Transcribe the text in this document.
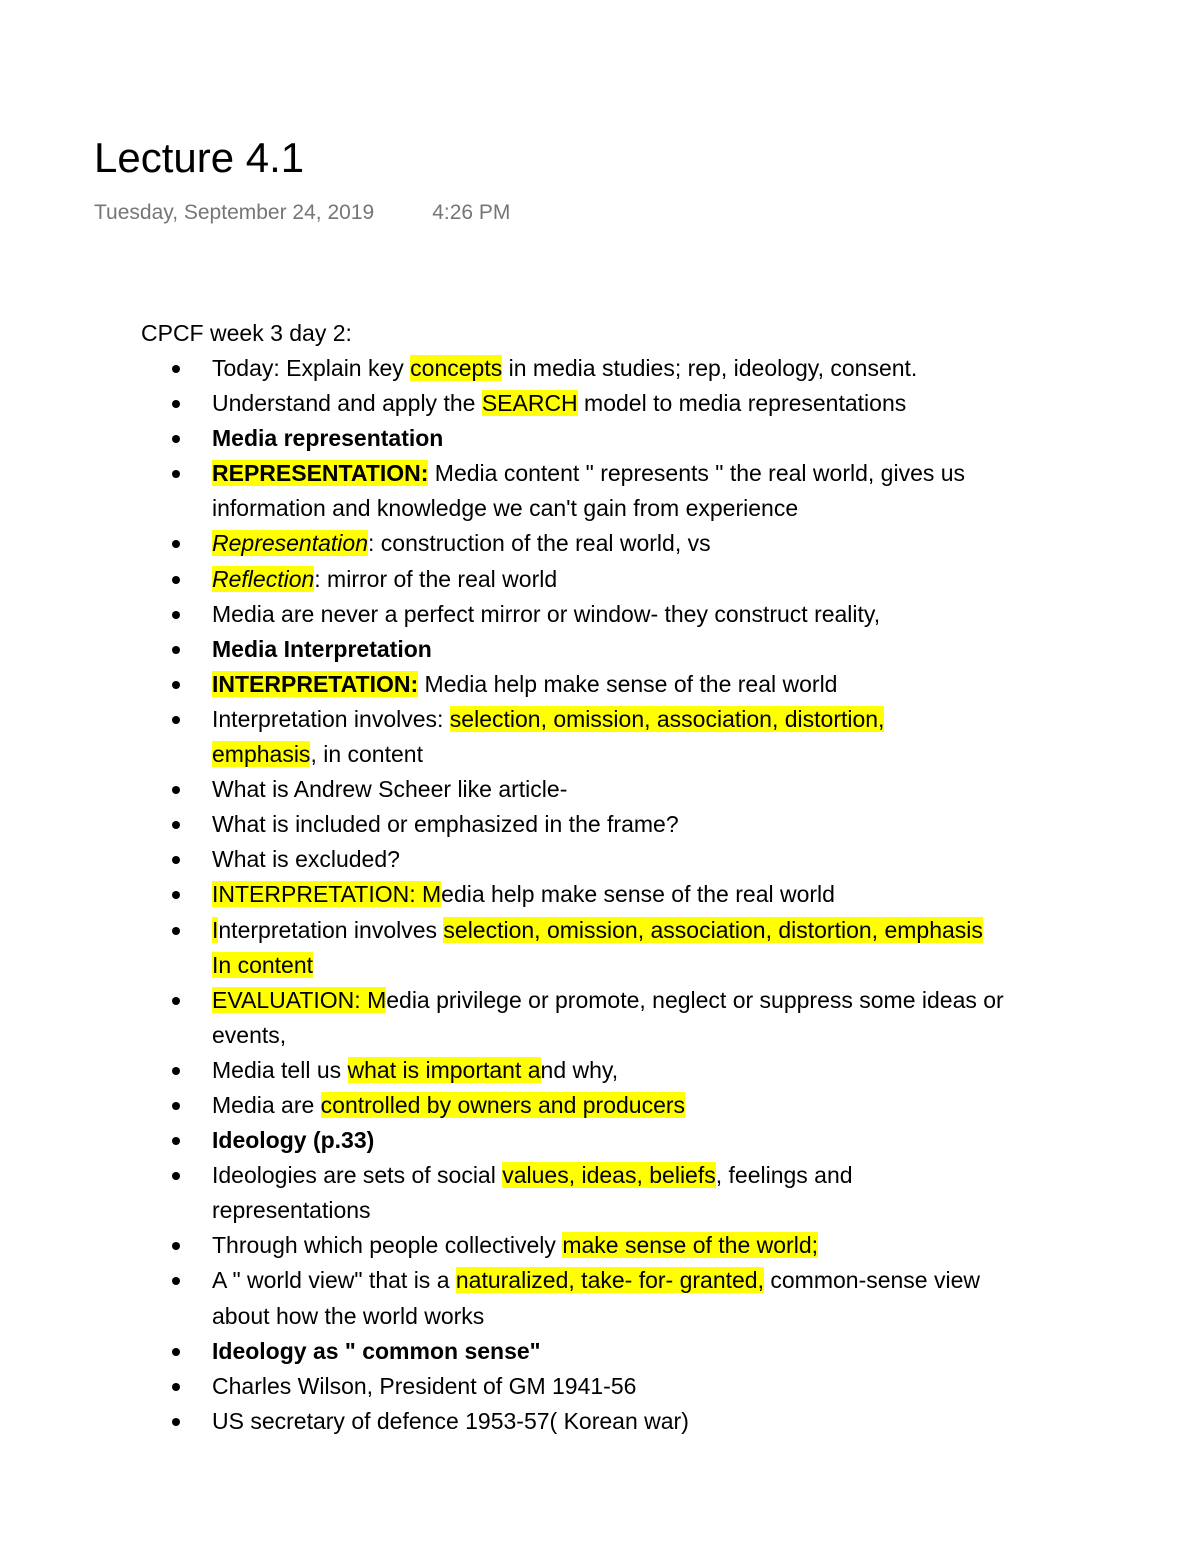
Lecture 4.1
Tuesday, September 24, 2019	4:26 PM
CPCF week 3 day 2:
Today: Explain key concepts in media studies; rep, ideology, consent.
Understand and apply the SEARCH model to media representations
Media representation
REPRESENTATION: Media content " represents " the real world, gives us
information and knowledge we can't gain from experience
Representation: construction of the real world, vs
Reflection: mirror of the real world
Media are never a perfect mirror or window- they construct reality,
Media Interpretation
INTERPRETATION: Media help make sense of the real world
Interpretation involves: selection, omission, association, distortion,
emphasis, in content
What is Andrew Scheer like article-
What is included or emphasized in the frame?
What is excluded?
INTERPRETATION: Media help make sense of the real world
Interpretation involves selection, omission, association, distortion, emphasis
In content
EVALUATION: Media privilege or promote, neglect or suppress some ideas or
events,
Media tell us what is important and why,
Media are controlled by owners and producers
Ideology (p.33)
Ideologies are sets of social values, ideas, beliefs, feelings and
representations
Through which people collectively make sense of the world;
A " world view" that is a naturalized, take- for- granted, common-sense view
about how the world works
Ideology as " common sense"
Charles Wilson, President of GM 1941-56
US secretary of defence 1953-57( Korean war)
